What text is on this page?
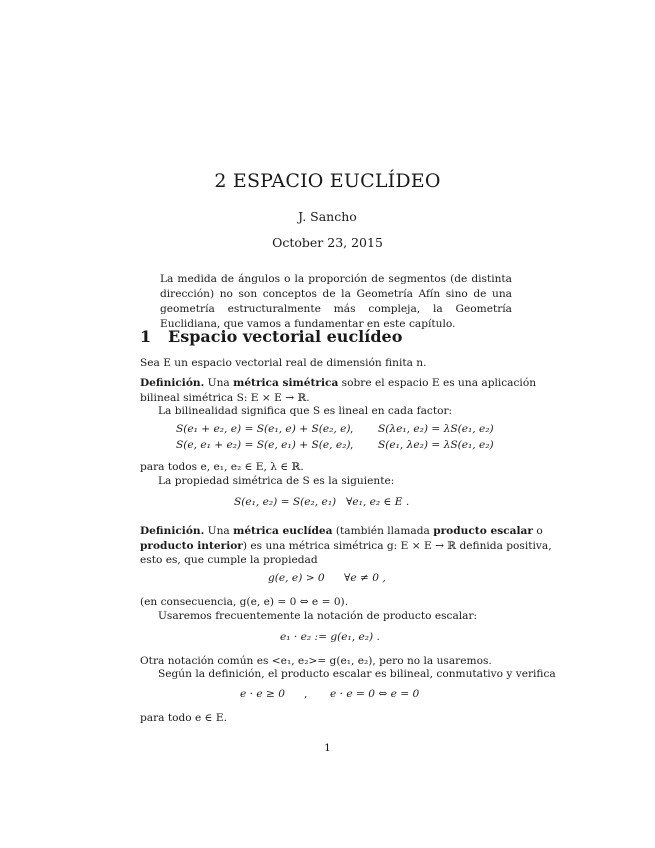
2 ESPACIO EUCLÍDEO
J. Sancho
October 23, 2015
La medida de ángulos o la proporción de segmentos (de distinta dirección) no son conceptos de la Geometría Afín sino de una geometría estructuralmente más compleja, la Geometría Euclidiana, que vamos a fundamentar en este capítulo.
1 Espacio vectorial euclídeo
Sea E un espacio vectorial real de dimensión finita n.
Definición. Una métrica simétrica sobre el espacio E es una aplicación
bilineal simétrica S: E × E → ℝ.
La bilinealidad significa que S es lineal en cada factor:
S(e₁ + e₂, e) = S(e₁, e) + S(e₂, e) , S(λe₁, e₂) = λS(e₁, e₂)
S(e, e₁ + e₂) = S(e, e₁) + S(e, e₂) , S(e₁, λe₂) = λS(e₁, e₂)
para todos e, e₁, e₂ ∈ E, λ ∈ ℝ.
La propiedad simétrica de S es la siguiente:
S(e₁, e₂) = S(e₂, e₁) ∀e₁, e₂ ∈ E .
Definición. Una métrica euclídea (también llamada producto escalar o
producto interior) es una métrica simétrica g: E × E → ℝ definida positiva,
esto es, que cumple la propiedad
g(e, e) > 0 ∀e ≠ 0 ,
(en consecuencia, g(e, e) = 0 ⇔ e = 0).
Usaremos frecuentemente la notación de producto escalar:
e₁ · e₂ := g(e₁, e₂) .
Otra notación común es <e₁, e₂>= g(e₁, e₂), pero no la usaremos.
Según la definición, el producto escalar es bilineal, conmutativo y verifica
e · e ≥ 0 , e · e = 0 ⇔ e = 0
para todo e ∈ E.
1
